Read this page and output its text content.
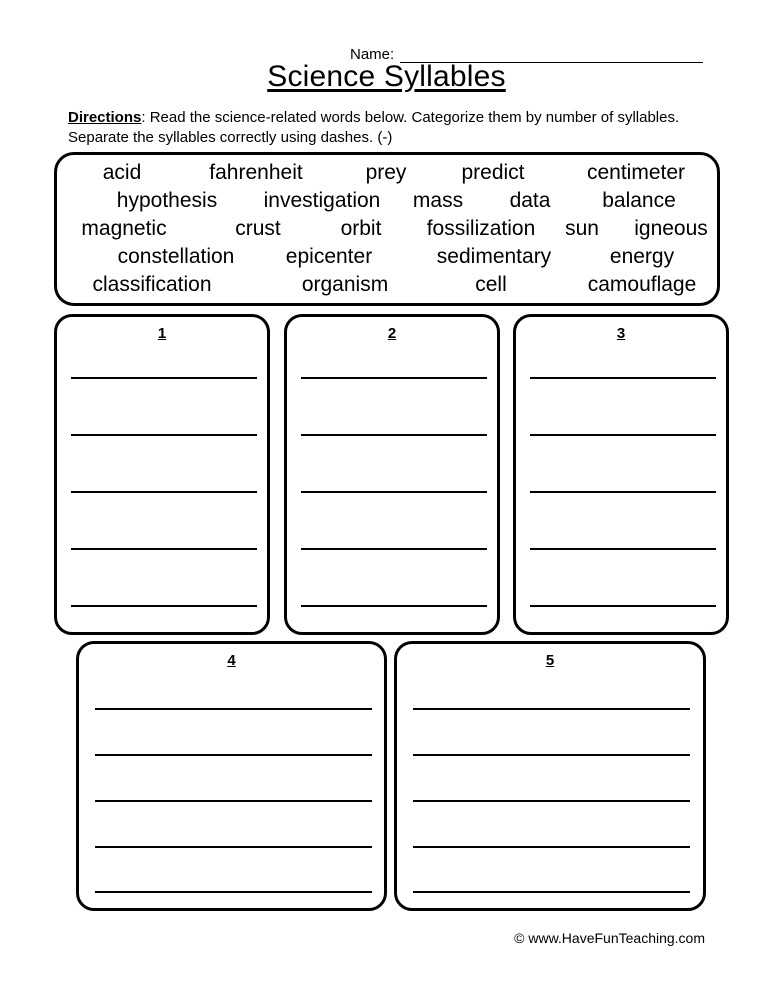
Name:
Science Syllables
Directions: Read the science-related words below. Categorize them by number of syllables. Separate the syllables correctly using dashes. (-)
acid	fahrenheit	prey	predict	centimeter
hypothesis investigation mass data balance
magnetic	crust	orbit fossilization sun igneous
constellation epicenter	sedimentary	energy
classification	organism	cell	camouflage
1	2	3
4	5
© www.HaveFunTeaching.com
